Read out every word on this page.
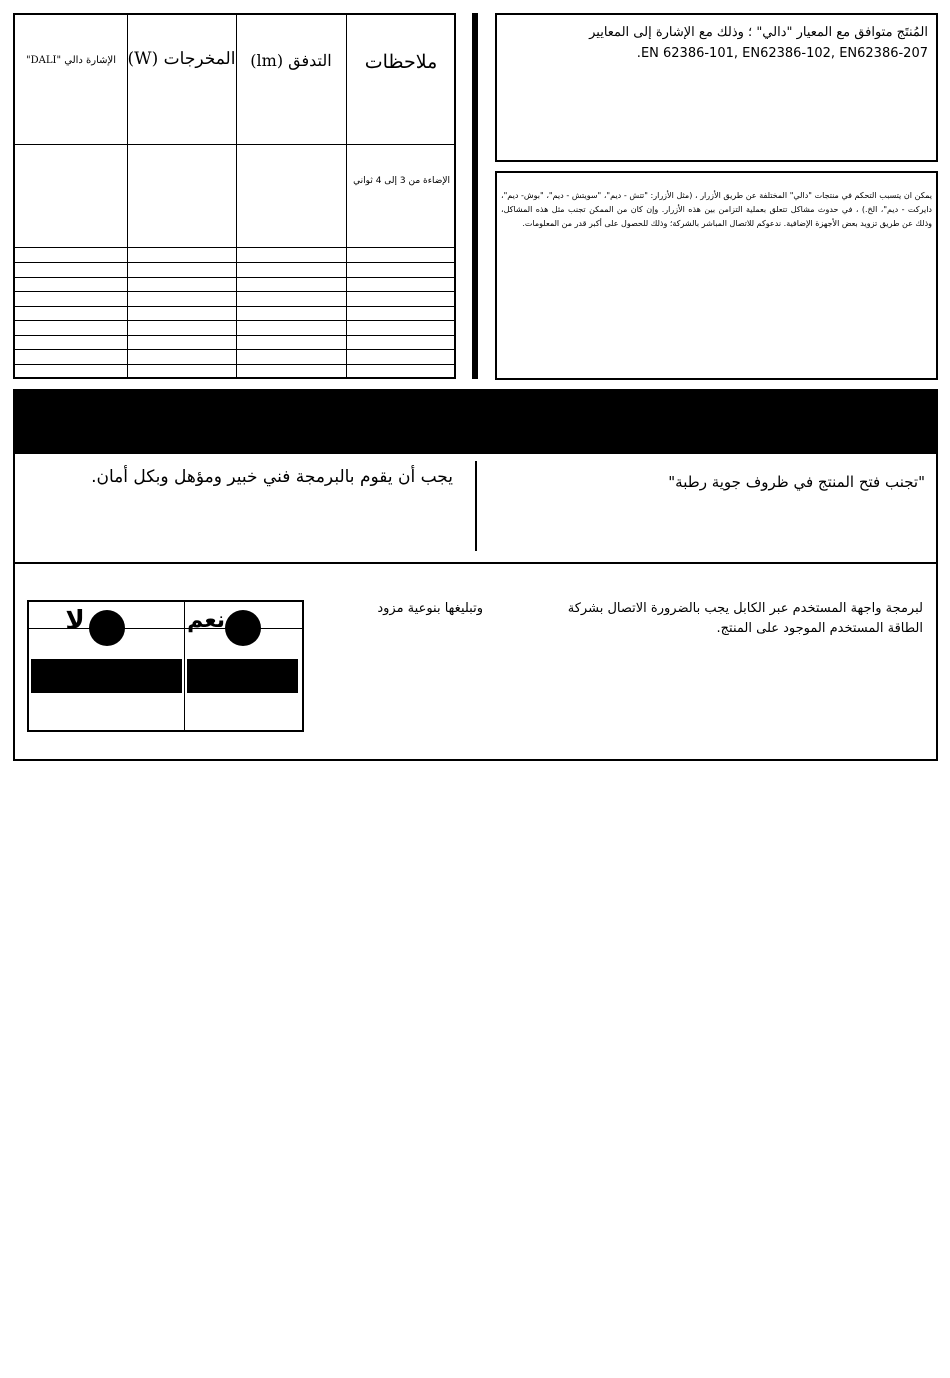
الإشارة دالي "DALI" المخرجات (W) التدفق (lm)	ملاحظات
الإضاءة من 3 إلى 4 ثواني
المُنتَج متوافق مع المعيار "دالي" ؛ وذلك مع الإشارة إلى المعايير
EN 62386-101, EN62386-102, EN62386-207.
يمكن ان يتسبب التحكم في منتجات "دالي" المختلفة عن طريق الأزرار ، (مثل الأزرار: "تتش - ديم"، "سويتش - ديم"، "بوش- ديم"، دايركت - ديم"، الخ.) ، في حدوث مشاكل تتعلق بعملية التزامن بين هذه الأزرار. وإن كان من الممكن تجنب مثل هذه المشاكل، وذلك عن طريق تزويد بعض الأجهزة الإضافية. ندعوكم للاتصال المباشر بالشركة؛ وذلك للحصول على أكبر قدر من المعلومات.
يجب أن يقوم بالبرمجة فني خبير ومؤهل وبكل أمان.	"تجنب فتح المنتج في ظروف جوية رطبة"
لبرمجة واجهة المستخدم عبر الكابل يجب بالضرورة الاتصال بشركة
الطاقة المستخدم الموجود على المنتج.
وتبليغها بنوعية مزود
نعم
لا
